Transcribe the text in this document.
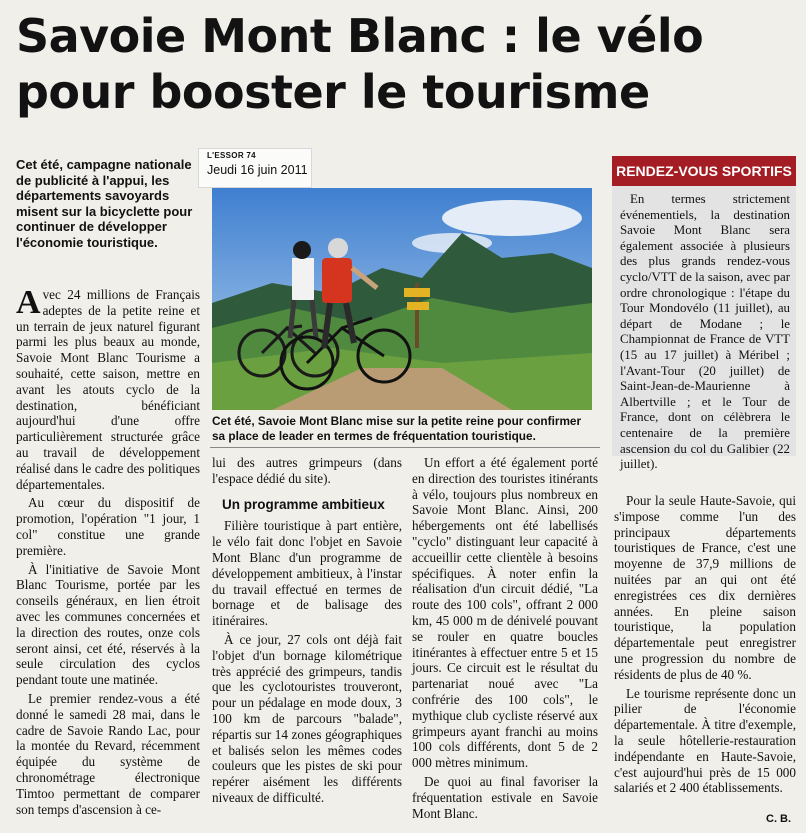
Savoie Mont Blanc : le vélo pour booster le tourisme

Cet été, campagne nationale de publicité à l'appui, les départements savoyards misent sur la bicyclette pour continuer de développer l'économie touristique.

L'ESSOR 74
Jeudi 16 juin 2011

Cet été, Savoie Mont Blanc mise sur la petite reine pour confirmer sa place de leader en termes de fréquentation touristique.

Avec 24 millions de Français adeptes de la petite reine et un terrain de jeux naturel figurant parmi les plus beaux au monde, Savoie Mont Blanc Tourisme a souhaité, cette saison, mettre en avant les atouts cyclo de la destination, bénéficiant aujourd'hui d'une offre particulièrement structurée grâce au travail de développement réalisé dans le cadre des politiques départementales.

Au cœur du dispositif de promotion, l'opération "1 jour, 1 col" constitue une grande première.

À l'initiative de Savoie Mont Blanc Tourisme, portée par les conseils généraux, en lien étroit avec les communes concernées et la direction des routes, onze cols seront ainsi, cet été, réservés à la seule circulation des cyclos pendant toute une matinée.

Le premier rendez-vous a été donné le samedi 28 mai, dans le cadre de Savoie Rando Lac, pour la montée du Revard, récemment équipée du système de chronométrage électronique Timtoo permettant de comparer son temps d'ascension à ce-

lui des autres grimpeurs (dans l'espace dédié du site).

Un programme ambitieux

Filière touristique à part entière, le vélo fait donc l'objet en Savoie Mont Blanc d'un programme de développement ambitieux, à l'instar du travail effectué en termes de bornage et de balisage des itinéraires.

À ce jour, 27 cols ont déjà fait l'objet d'un bornage kilométrique très apprécié des grimpeurs, tandis que les cyclotouristes trouveront, pour un pédalage en mode doux, 3 100 km de parcours "balade", répartis sur 14 zones géographiques et balisés selon les mêmes codes couleurs que les pistes de ski pour repérer aisément les différents niveaux de difficulté.

Un effort a été également porté en direction des touristes itinérants à vélo, toujours plus nombreux en Savoie Mont Blanc. Ainsi, 200 hébergements ont été labellisés "cyclo" distinguant leur capacité à accueillir cette clientèle à besoins spécifiques. À noter enfin la réalisation d'un circuit dédié, "La route des 100 cols", offrant 2 000 km, 45 000 m de dénivelé pouvant se rouler en quatre boucles itinérantes à effectuer entre 5 et 15 jours. Ce circuit est le résultat du partenariat noué avec "La confrérie des 100 cols", le mythique club cycliste réservé aux grimpeurs ayant franchi au moins 100 cols différents, dont 5 de 2 000 mètres minimum.

De quoi au final favoriser la fréquentation estivale en Savoie Mont Blanc.

RENDEZ-VOUS SPORTIFS

En termes strictement événementiels, la destination Savoie Mont Blanc sera également associée à plusieurs des plus grands rendez-vous cyclo/VTT de la saison, avec par ordre chronologique : l'étape du Tour Mondovélo (11 juillet), au départ de Modane ; le Championnat de France de VTT (15 au 17 juillet) à Méribel ; l'Avant-Tour (20 juillet) de Saint-Jean-de-Maurienne à Albertville ; et le Tour de France, dont on célèbrera le centenaire de la première ascension du col du Galibier (22 juillet).

Pour la seule Haute-Savoie, qui s'impose comme l'un des principaux départements touristiques de France, c'est une moyenne de 37,9 millions de nuitées par an qui ont été enregistrées ces dix dernières années. En pleine saison touristique, la population départementale peut enregistrer une progression du nombre de résidents de plus de 40 %.

Le tourisme représente donc un pilier de l'économie départementale. À titre d'exemple, la seule hôtellerie-restauration indépendante en Haute-Savoie, c'est aujourd'hui près de 15 000 salariés et 2 400 établissements.

C. B.
